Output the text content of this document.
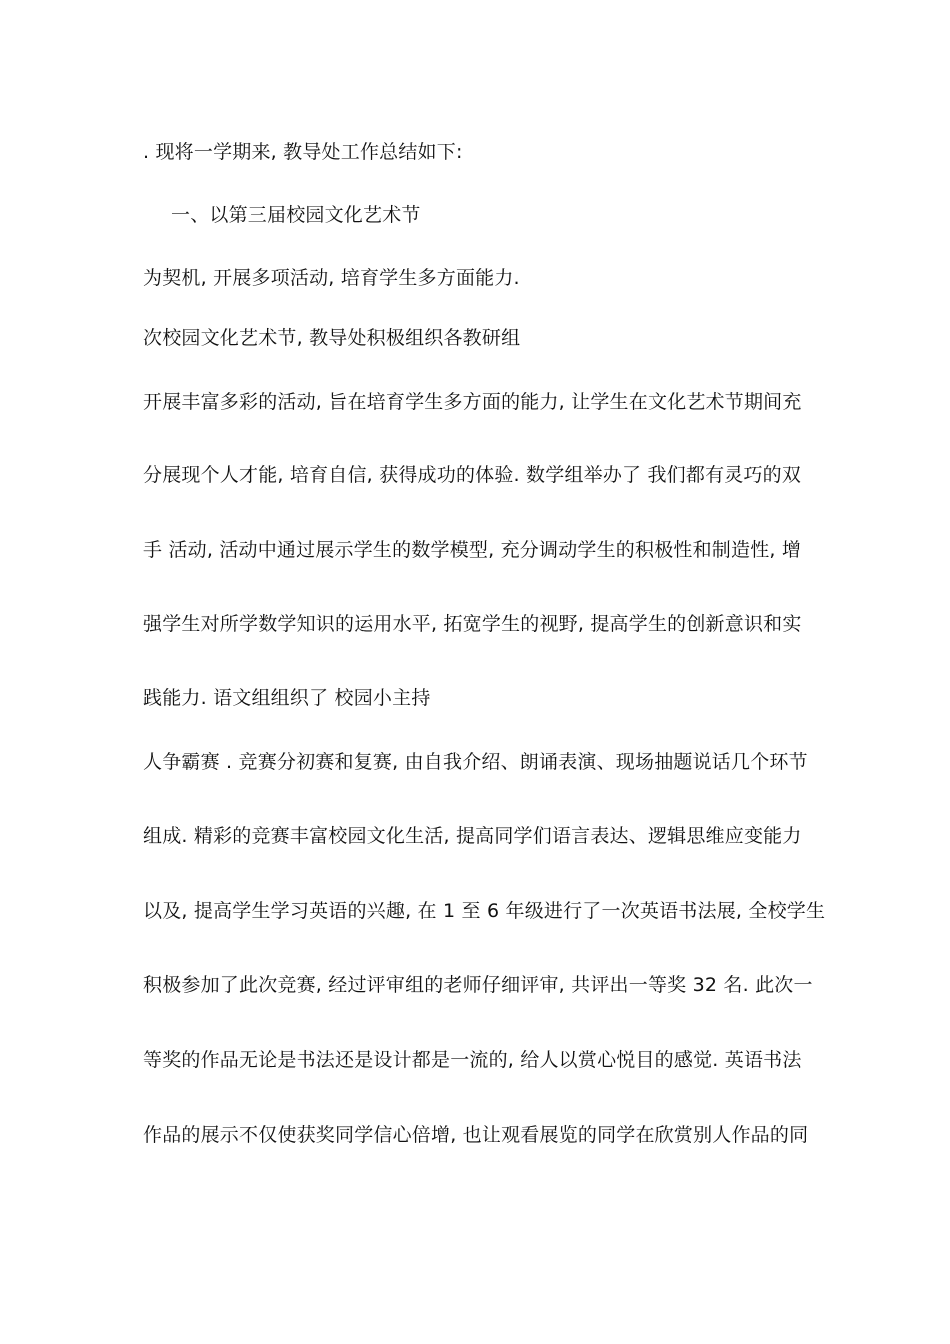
. 现将一学期来, 教导处工作总结如下:
一、以第三届校园文化艺术节
为契机, 开展多项活动, 培育学生多方面能力.
次校园文化艺术节, 教导处积极组织各教研组
开展丰富多彩的活动, 旨在培育学生多方面的能力, 让学生在文化艺术节期间充
分展现个人才能, 培育自信, 获得成功的体验. 数学组举办了 我们都有灵巧的双
手 活动, 活动中通过展示学生的数学模型, 充分调动学生的积极性和制造性, 增
强学生对所学数学知识的运用水平, 拓宽学生的视野, 提高学生的创新意识和实
践能力. 语文组组织了 校园小主持
人争霸赛 . 竞赛分初赛和复赛, 由自我介绍、朗诵表演、现场抽题说话几个环节
组成. 精彩的竞赛丰富校园文化生活, 提高同学们语言表达、逻辑思维应变能力
以及, 提高学生学习英语的兴趣, 在 1 至 6 年级进行了一次英语书法展, 全校学生
积极参加了此次竞赛, 经过评审组的老师仔细评审, 共评出一等奖 32 名. 此次一
等奖的作品无论是书法还是设计都是一流的, 给人以赏心悦目的感觉. 英语书法
作品的展示不仅使获奖同学信心倍增, 也让观看展览的同学在欣赏别人作品的同
